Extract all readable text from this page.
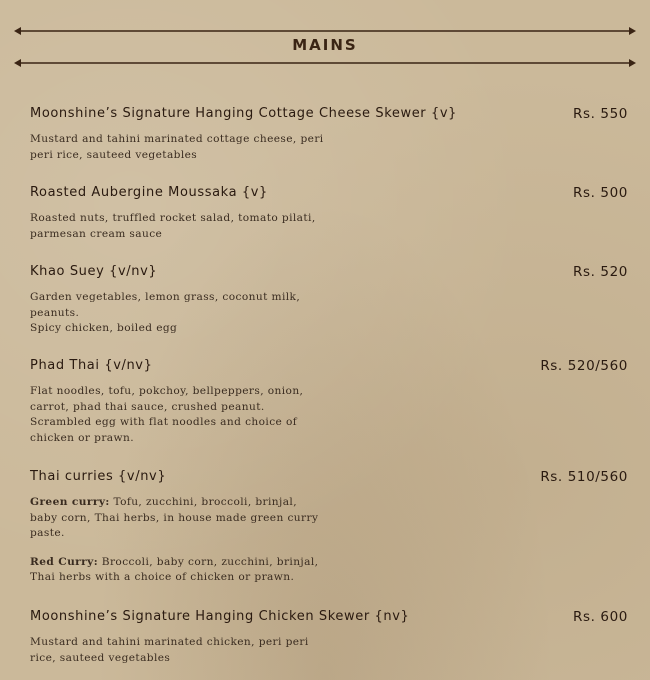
MAINS
Moonshine’s Signature Hanging Cottage Cheese Skewer {v}	Rs. 550
Mustard and tahini marinated cottage cheese, peri
peri rice, sauteed vegetables
Roasted Aubergine Moussaka {v}	Rs. 500
Roasted nuts, truffled rocket salad, tomato pilati,
parmesan cream sauce
Khao Suey {v/nv}	Rs. 520
Garden vegetables, lemon grass, coconut milk,
peanuts.
Spicy chicken, boiled egg
Phad Thai {v/nv}	Rs. 520/560
Flat noodles, tofu, pokchoy, bellpeppers, onion,
carrot, phad thai sauce, crushed peanut.
Scrambled egg with flat noodles and choice of
chicken or prawn.
Thai curries {v/nv}	Rs. 510/560
Green curry: Tofu, zucchini, broccoli, brinjal,
baby corn, Thai herbs, in house made green curry
paste.
Red Curry: Broccoli, baby corn, zucchini, brinjal,
Thai herbs with a choice of chicken or prawn.
Moonshine’s Signature Hanging Chicken Skewer {nv}	Rs. 600
Mustard and tahini marinated chicken, peri peri
rice, sauteed vegetables
